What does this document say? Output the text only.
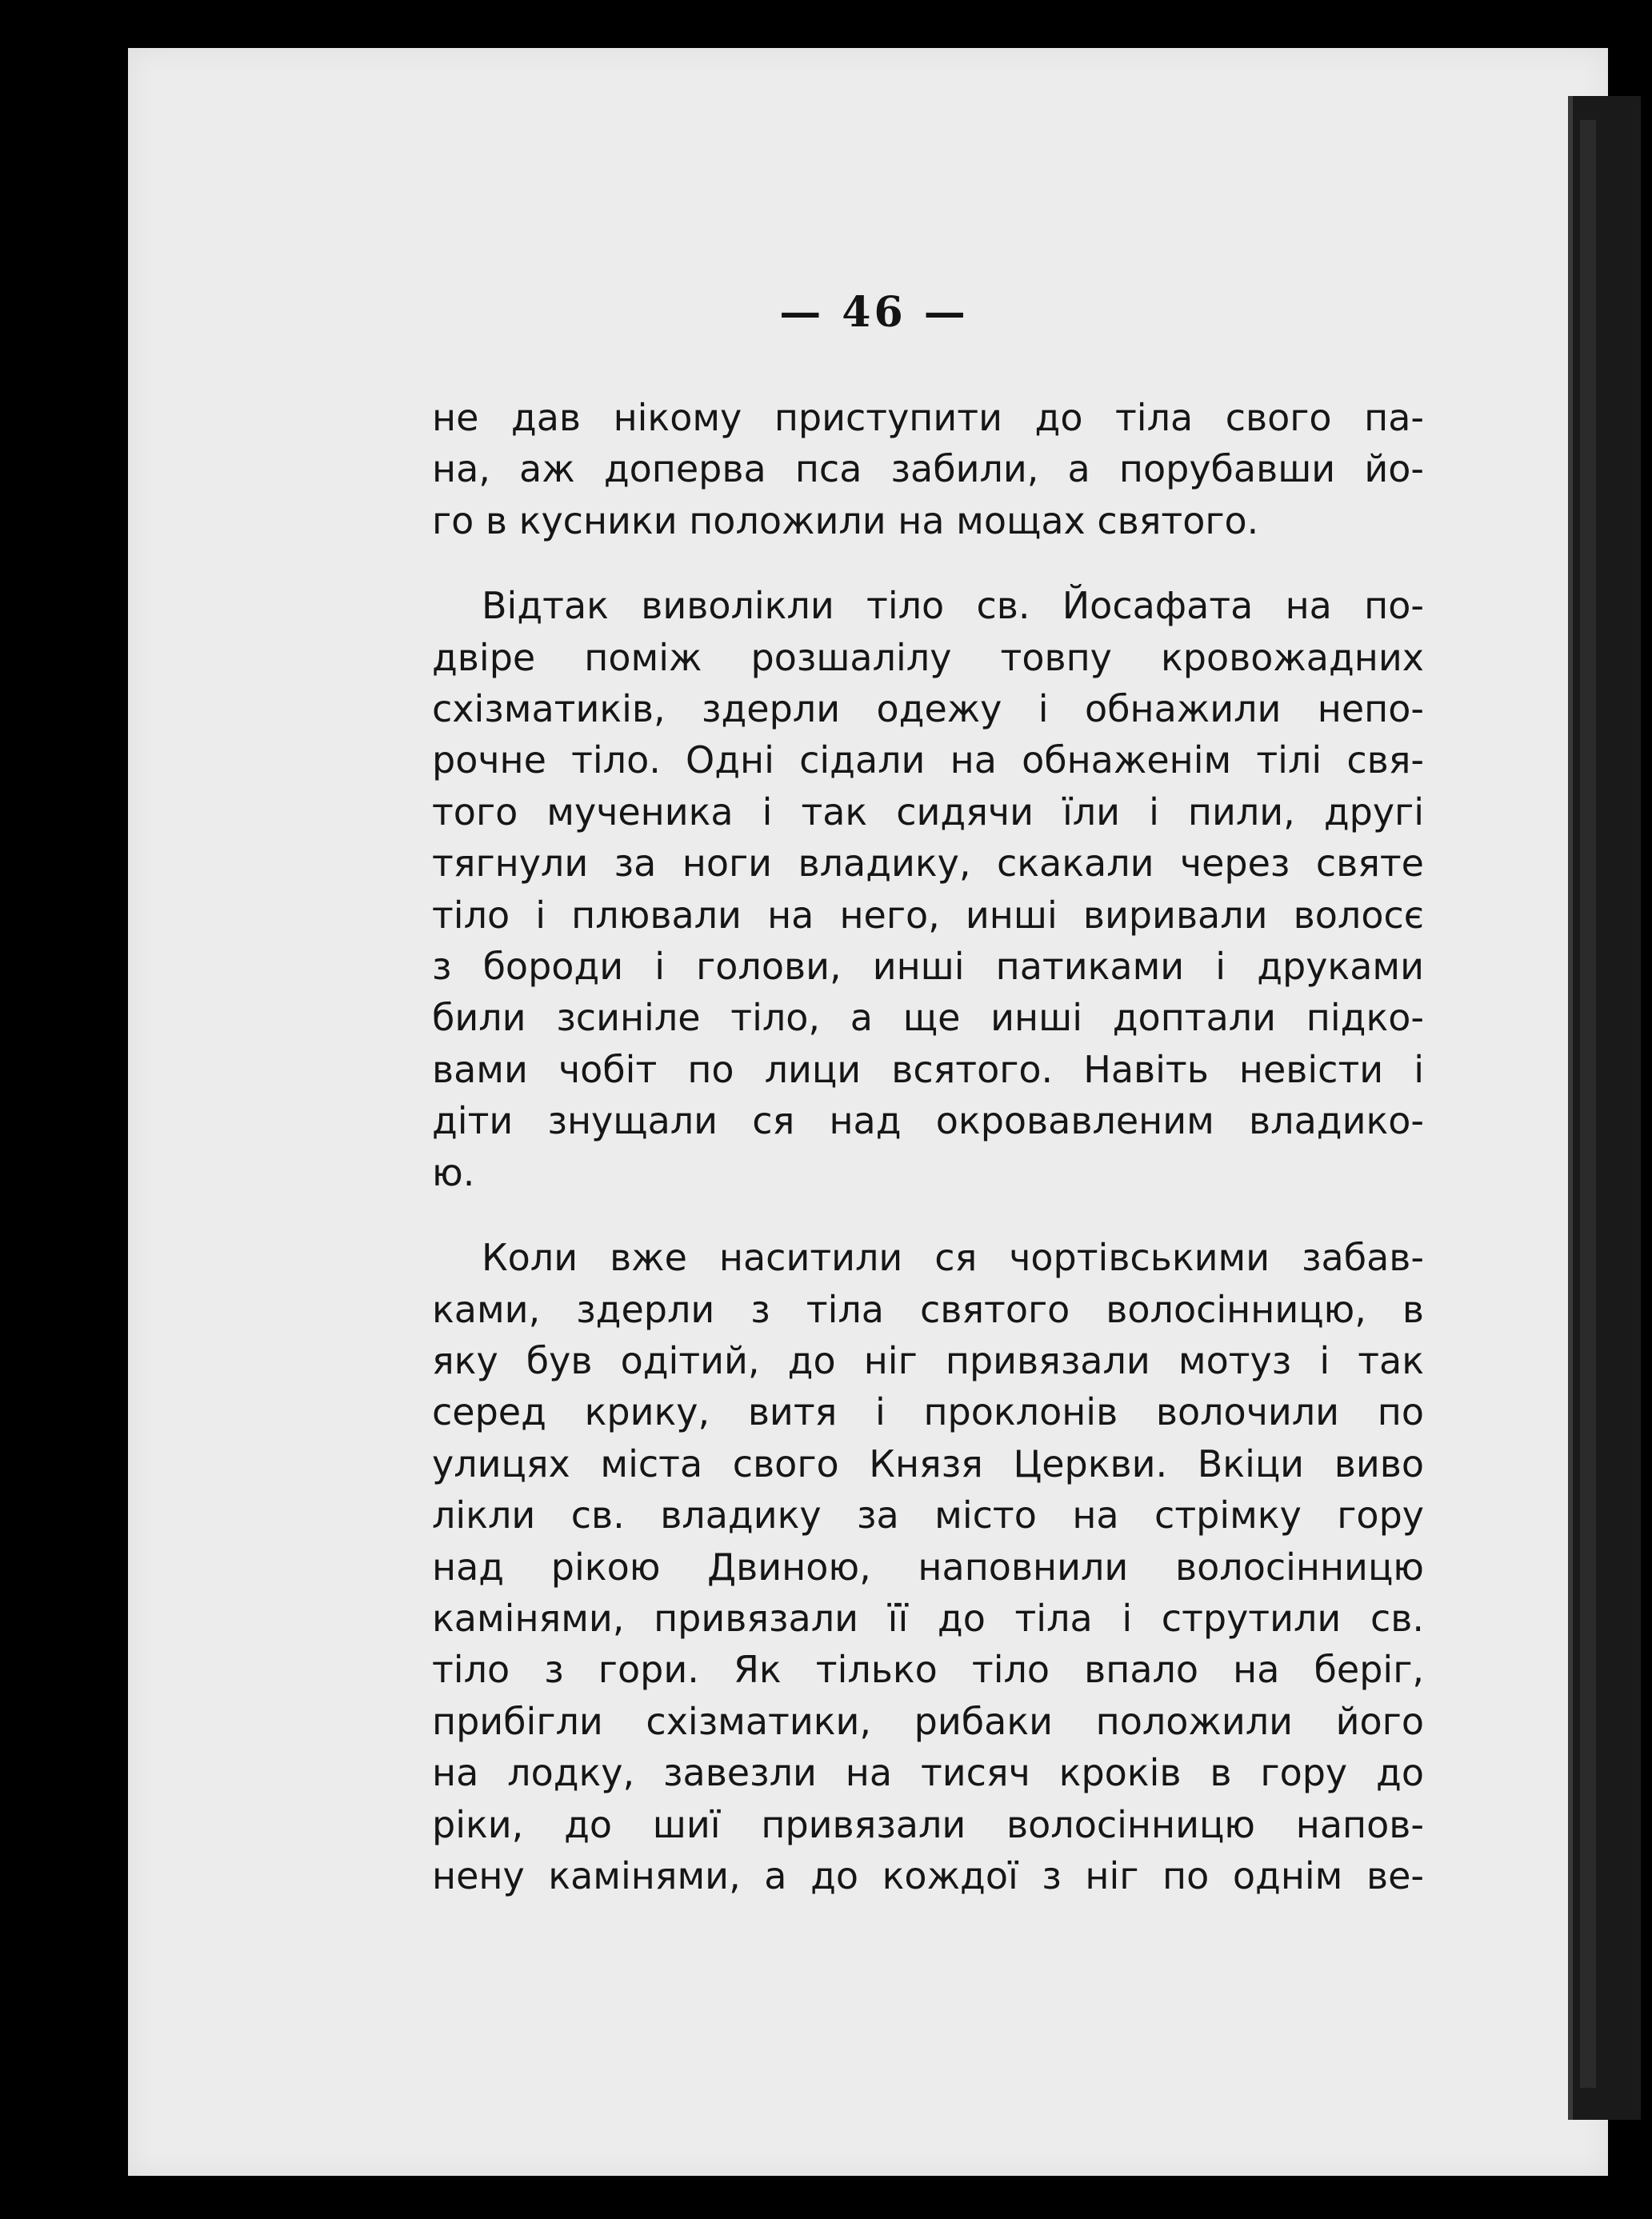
— 46 —

не дав нікому приступити до тіла свого па-
на, аж доперва пса забили, а порубавши йо-
го в кусники положили на мощах святого.

Відтак виволікли тіло св. Йосафата на по-
двіре поміж розшалілу товпу кровожадних
схізматиків, здерли одежу і обнажили непо-
рочне тіло. Одні сідали на обнаженім тілі свя-
того мученика і так сидячи їли і пили, другі
тягнули за ноги владику, скакали через святе
тіло і плювали на него, инші виривали волосє
з бороди і голови, инші патиками і друками
били зсиніле тіло, а ще инші доптали підко-
вами чобіт по лици всятого. Навіть невісти і
діти знущали ся над окровавленим владико-
ю.

Коли вже наситили ся чортівськими забав-
ками, здерли з тіла святого волосінницю, в
яку був одітий, до ніг привязали мотуз і так
серед крику, витя і проклонів волочили по
улицях міста свого Князя Церкви. Вкіци виво
лікли св. владику за місто на стрімку гору
над рікою Двиною, наповнили волосінницю
камінями, привязали її до тіла і струтили св.
тіло з гори. Як тілько тіло впало на беріг,
прибігли схізматики, рибаки положили його
на лодку, завезли на тисяч кроків в гору до
ріки, до шиї привязали волосінницю напов-
нену камінями, а до кождої з ніг по однім ве-
